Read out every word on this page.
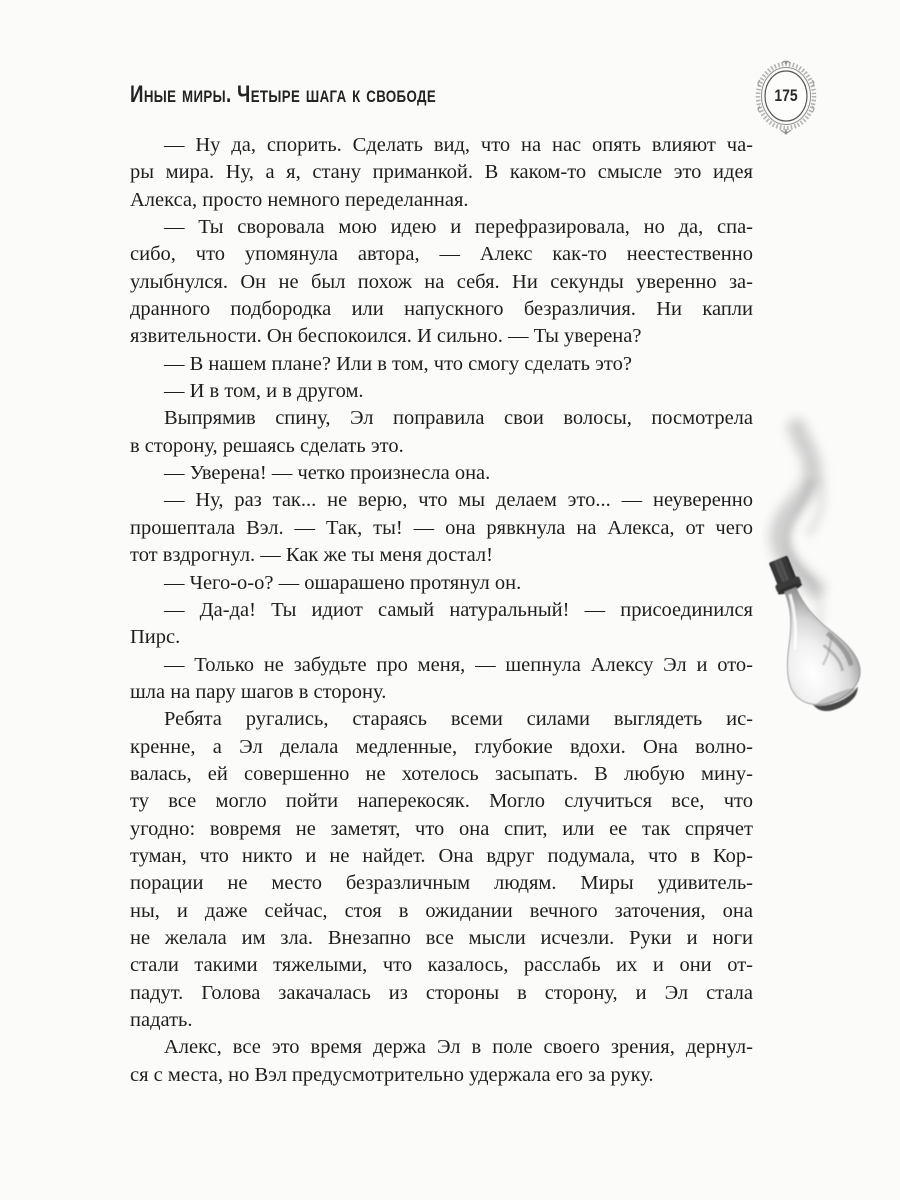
Иные миры. Четыре шага к свободе	175

— Ну да, спорить. Сделать вид, что на нас опять влияют ча-
ры мира. Ну, а я, стану приманкой. В каком-то смысле это идея
Алекса, просто немного переделанная.

— Ты своровала мою идею и перефразировала, но да, спа-
сибо, что упомянула автора, — Алекс как-то неестественно
улыбнулся. Он не был похож на себя. Ни секунды уверенно за-
дранного подбородка или напускного безразличия. Ни капли
язвительности. Он беспокоился. И сильно. — Ты уверена?

— В нашем плане? Или в том, что смогу сделать это?

— И в том, и в другом.

Выпрямив спину, Эл поправила свои волосы, посмотрела
в сторону, решаясь сделать это.

— Уверена! — четко произнесла она.

— Ну, раз так... не верю, что мы делаем это... — неуверенно
прошептала Вэл. — Так, ты! — она рявкнула на Алекса, от чего
тот вздрогнул. — Как же ты меня достал!

— Чего-о-о? — ошарашено протянул он.

— Да-да! Ты идиот самый натуральный! — присоединился
Пирс.

— Только не забудьте про меня, — шепнула Алексу Эл и ото-
шла на пару шагов в сторону.

Ребята ругались, стараясь всеми силами выглядеть ис-
кренне, а Эл делала медленные, глубокие вдохи. Она волно-
валась, ей совершенно не хотелось засыпать. В любую мину-
ту все могло пойти наперекосяк. Могло случиться все, что
угодно: вовремя не заметят, что она спит, или ее так спрячет
туман, что никто и не найдет. Она вдруг подумала, что в Кор-
порации не место безразличным людям. Миры удивитель-
ны, и даже сейчас, стоя в ожидании вечного заточения, она
не желала им зла. Внезапно все мысли исчезли. Руки и ноги
стали такими тяжелыми, что казалось, расслабь их и они от-
падут. Голова закачалась из стороны в сторону, и Эл стала
падать.

Алекс, все это время держа Эл в поле своего зрения, дернул-
ся с места, но Вэл предусмотрительно удержала его за руку.
